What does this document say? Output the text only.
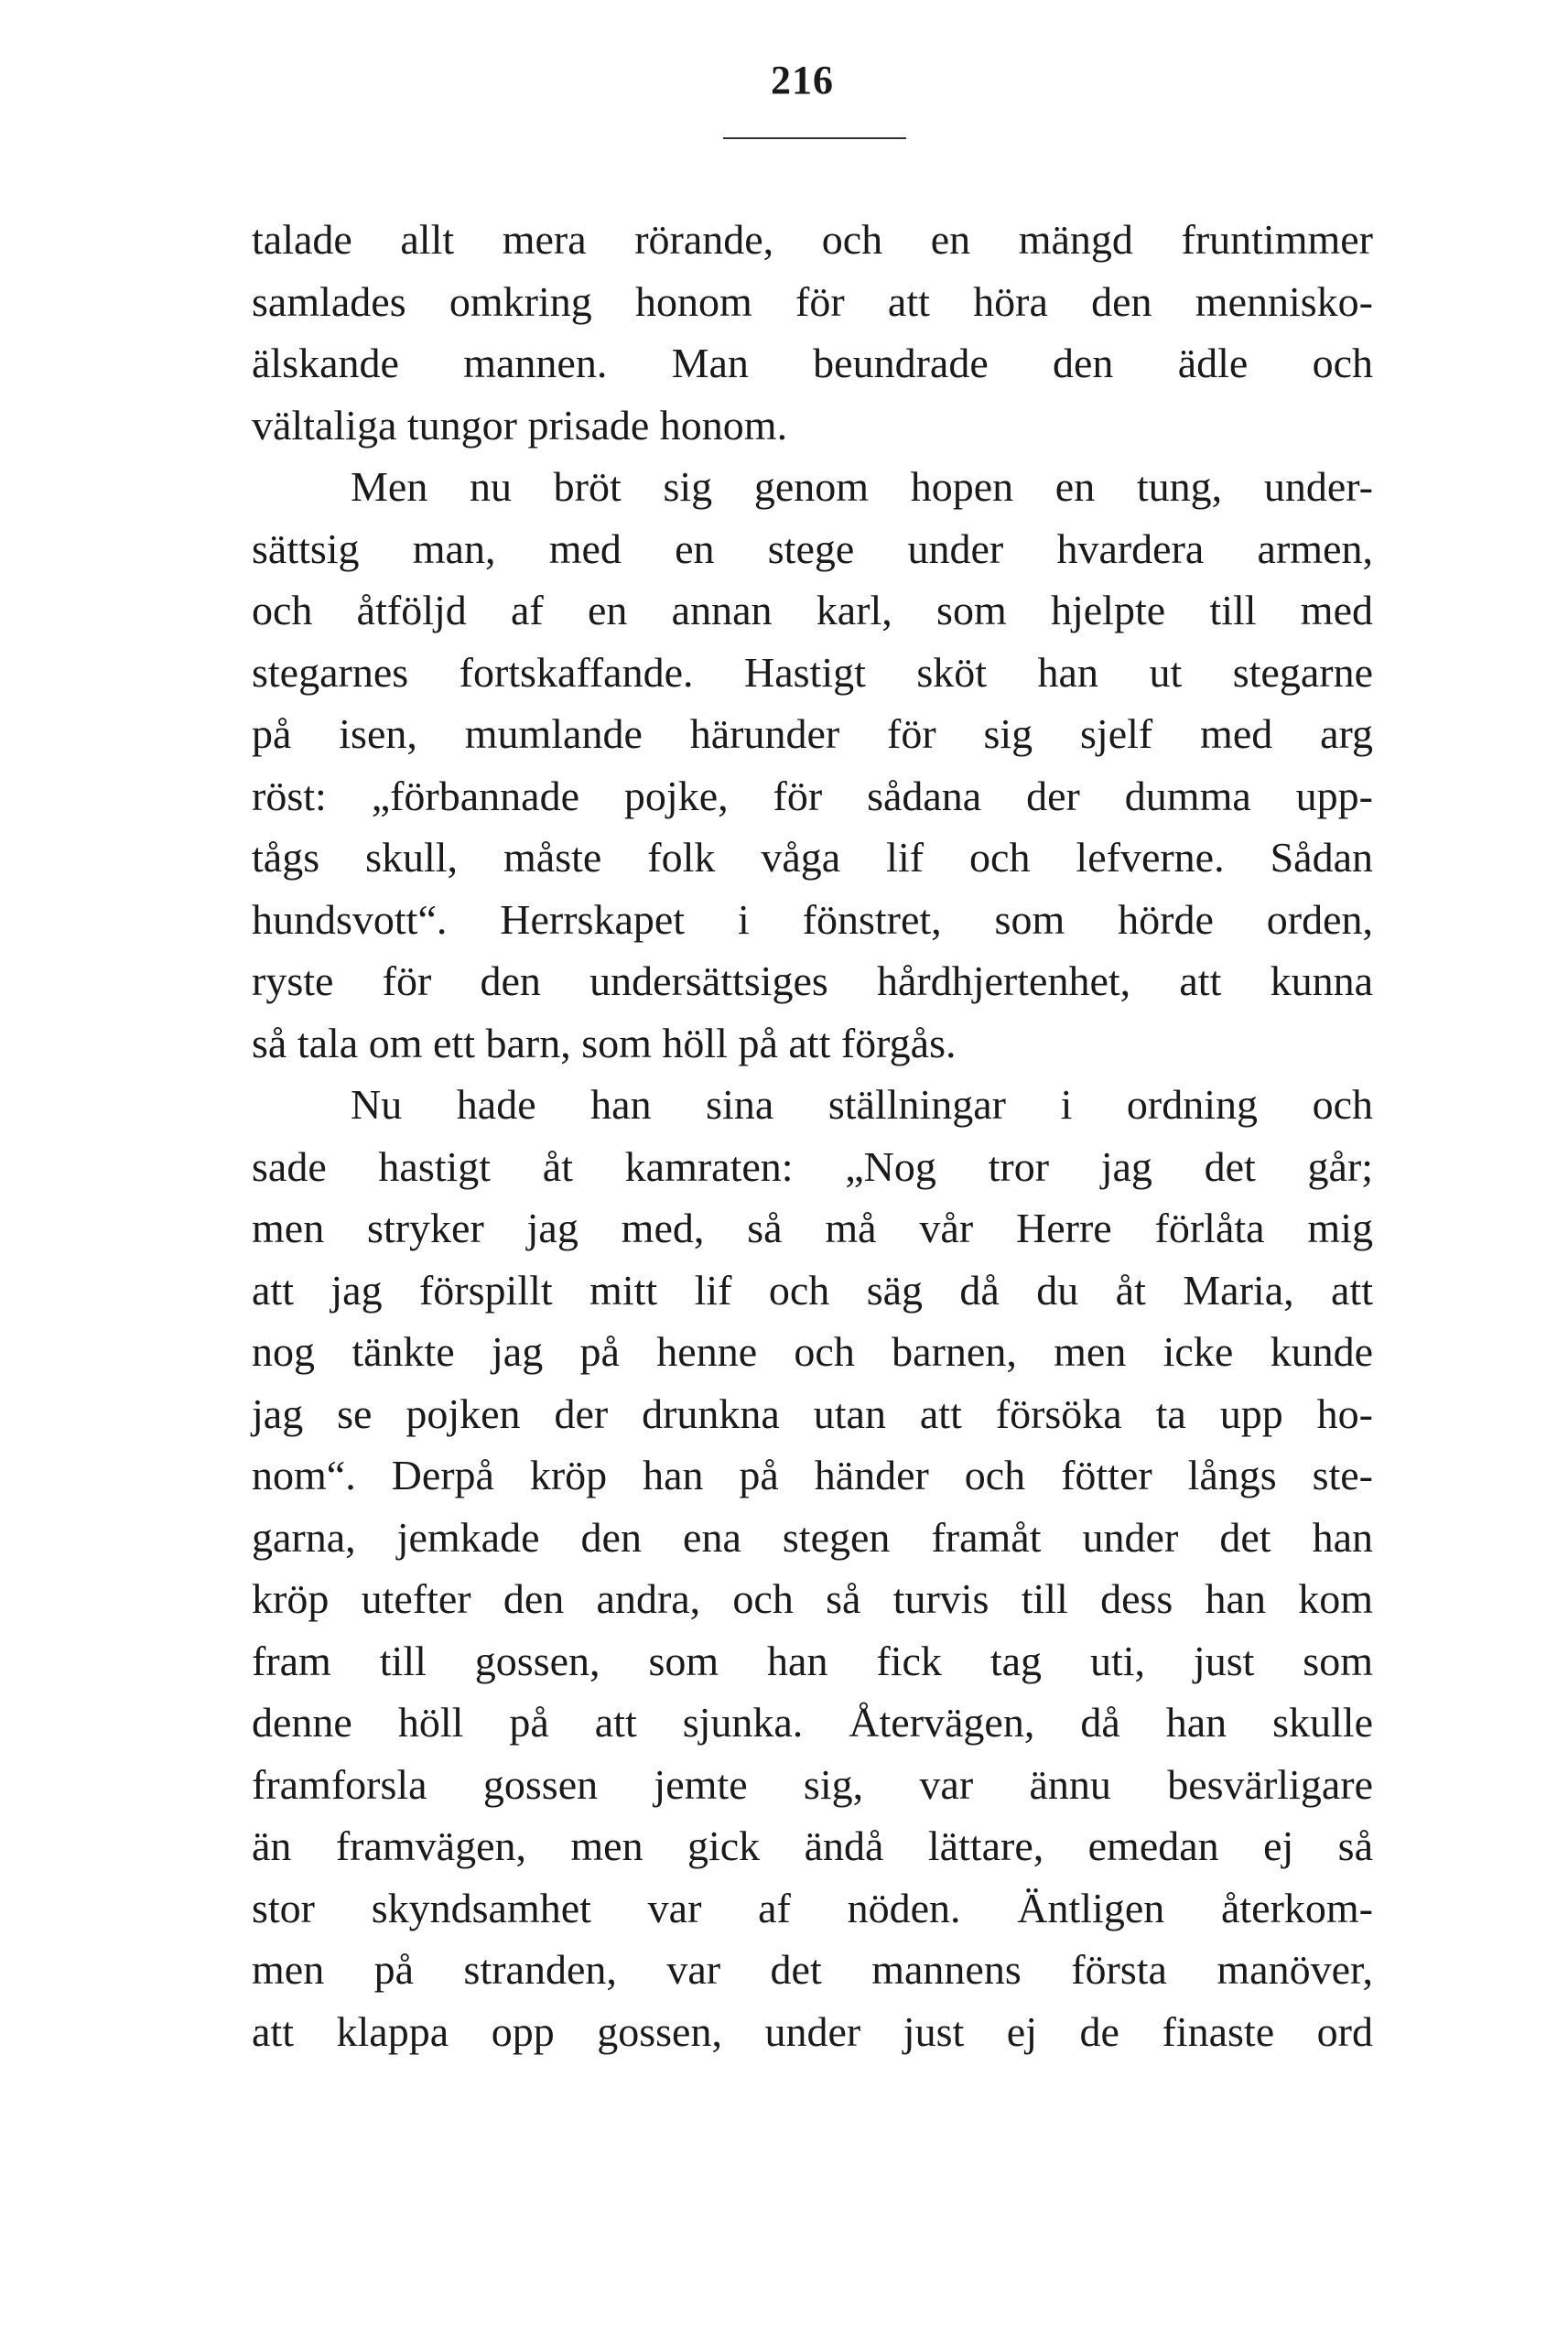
216
talade allt mera rörande, och en mängd fruntimmer
samlades omkring honom för att höra den mennisko-
älskande mannen. Man beundrade den ädle och
vältaliga tungor prisade honom.
Men nu bröt sig genom hopen en tung, under-
sättsig man, med en stege under hvardera armen,
och åtföljd af en annan karl, som hjelpte till med
stegarnes fortskaffande. Hastigt sköt han ut stegarne
på isen, mumlande härunder för sig sjelf med arg
röst: „förbannade pojke, för sådana der dumma upp-
tågs skull, måste folk våga lif och lefverne. Sådan
hundsvott“. Herrskapet i fönstret, som hörde orden,
ryste för den undersättsiges hårdhjertenhet, att kunna
så tala om ett barn, som höll på att förgås.
Nu hade han sina ställningar i ordning och
sade hastigt åt kamraten: „Nog tror jag det går;
men stryker jag med, så må vår Herre förlåta mig
att jag förspillt mitt lif och säg då du åt Maria, att
nog tänkte jag på henne och barnen, men icke kunde
jag se pojken der drunkna utan att försöka ta upp ho-
nom“. Derpå kröp han på händer och fötter långs ste-
garna, jemkade den ena stegen framåt under det han
kröp utefter den andra, och så turvis till dess han kom
fram till gossen, som han fick tag uti, just som
denne höll på att sjunka. Återvägen, då han skulle
framforsla gossen jemte sig, var ännu besvärligare
än framvägen, men gick ändå lättare, emedan ej så
stor skyndsamhet var af nöden. Äntligen återkom-
men på stranden, var det mannens första manöver,
att klappa opp gossen, under just ej de finaste ord
